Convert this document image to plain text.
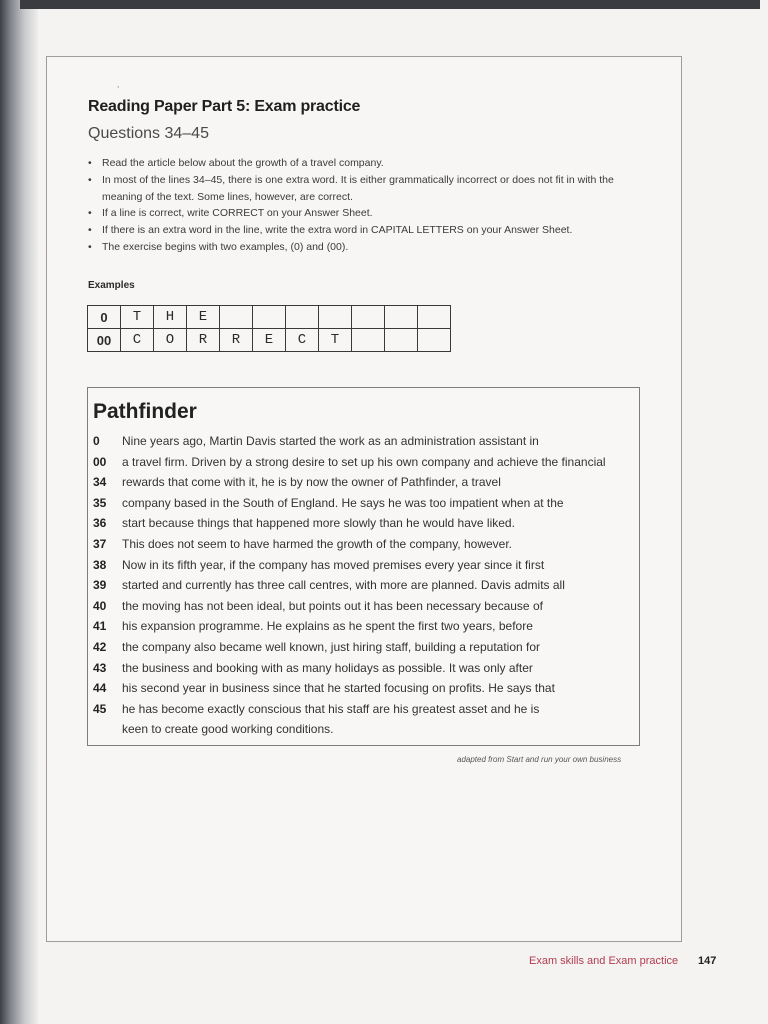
,
Reading Paper Part 5: Exam practice
Questions 34–45
• Read the article below about the growth of a travel company.
• In most of the lines 34–45, there is one extra word. It is either grammatically incorrect or does not fit in with the meaning of the text. Some lines, however, are correct.
• If a line is correct, write CORRECT on your Answer Sheet.
• If there is an extra word in the line, write the extra word in CAPITAL LETTERS on your Answer Sheet.
• The exercise begins with two examples, (0) and (00).
Examples
0	T	H	E							
00	C	O	R	R	E	C	T			
Pathfinder
0	Nine years ago, Martin Davis started the work as an administration assistant in
00	a travel firm. Driven by a strong desire to set up his own company and achieve the financial
34	rewards that come with it, he is by now the owner of Pathfinder, a travel
35	company based in the South of England. He says he was too impatient when at the
36	start because things that happened more slowly than he would have liked.
37	This does not seem to have harmed the growth of the company, however.
38	Now in its fifth year, if the company has moved premises every year since it first
39	started and currently has three call centres, with more are planned. Davis admits all
40	the moving has not been ideal, but points out it has been necessary because of
41	his expansion programme. He explains as he spent the first two years, before
42	the company also became well known, just hiring staff, building a reputation for
43	the business and booking with as many holidays as possible. It was only after
44	his second year in business since that he started focusing on profits. He says that
45	he has become exactly conscious that his staff are his greatest asset and he is
keen to create good working conditions.
adapted from Start and run your own business
Exam skills and Exam practice 147
